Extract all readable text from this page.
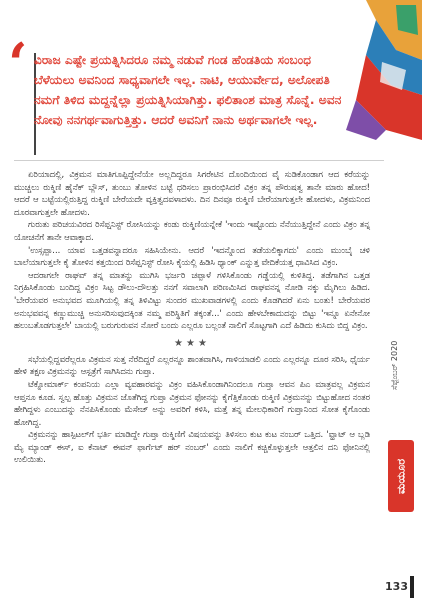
‘ ವಿರಾಜ ಎಷ್ಟೇ ಪ್ರಯತ್ನಿಸಿದರೂ ನಮ್ಮ ನಡುವೆ ಗಂಡ ಹೆಂಡತಿಯ ಸಂಬಂಧ ಬೆಳೆಯಲು ಅವನಿಂದ ಸಾಧ್ಯವಾಗಲೇ ಇಲ್ಲ. ನಾಟಿ, ಆಯುರ್ವೇದ, ಅಲೋಪತಿ ನಮಗೆ ತಿಳಿದ ಮದ್ದನ್ನೆಲ್ಲಾ ಪ್ರಯತ್ನಿಸಿಯಾಗಿತ್ತು. ಫಲಿತಾಂಶ ಮಾತ್ರ ಸೊನ್ನೆ. ಅವನ ನೋವು ನನಗರ್ಥವಾಗುತ್ತಿತ್ತು. ಆದರೆ ಅವನಿಗೆ ನಾನು ಅರ್ಥವಾಗಲೇ ಇಲ್ಲ.

ಏರಿಯಾದಲ್ಲಿ, ವಿಕ್ರಮನ ಮಾತಿಗೂಪ್ಪಿದ್ದೇನೆಯೇ ಅಲ್ಲದಿದ್ದರೂ ಸಿಗರೇಟಿನ ದೊಂದಿಯಿಂದ ವೈ ಸುಡಿಕೊಂಡಾಗ ಆದ ಕರೆಯನ್ನು ಮುಚ್ಚಲು ರುಕ್ಮಿಣಿ ಹೈನೆಕ್ ಬ್ಲೌಸ್, ತುಂಬು ತೋಳಿನ ಬಟ್ಟೆ ಧರಿಸಲು ಪ್ರಾರಂಭಿಸಿದರೆ ವಿಕ್ರಂ ತನ್ನ ಪೌರುಷತ್ವ ತಾನೇ ಮಾರು ಹೋದ! ಆದರೆ ಆ ಬಟ್ಟೆಯಲ್ಲಿರುತ್ತಿದ್ದ ರುಕ್ಮಿಣಿ ಬೇರೆಯದೇ ವ್ಯಕ್ತಿತ್ವದವಳಾದಳು. ದಿನ ದಿನವೂ ರುಕ್ಮಿಣಿ ಬೇರೆಯಾಗುತ್ತಲೇ ಹೋದಳು, ವಿಕ್ರಮನಿಂದ ದೂರವಾಗುತ್ತಲೇ ಹೋದಳು.

ಗುರುತು ಪರಿಚಯವಿರದ ರಿಸೆಪ್ಷನಿಸ್ಟ್ ರೋಸಿಯನ್ನು ಕಂಡು ರುಕ್ಮಿಣಿಯನ್ನೇಕೆ 'ಇಂದು ಇಷ್ಟೊಂದು ನೆನೆಯುತ್ತಿದ್ದೇನೆ ಎಂದು ವಿಕ್ರಂ ತನ್ನ ಯೋಚನೆಗೆ ತಾನೇ ಆವಾಕ್ಕಾದ.

'ಉಸ್ಸಪ್ಪಾ... ಯಾವ ಒತ್ತಡವನ್ನಾದರೂ ಸಹಿಸಿಯೇನು. ಆದರೆ 'ಇದನ್ನೊಂದ ತಡೆಯಲಿಕ್ಕಾಗದು' ಎಂದು ಮುಂಬೈ ಚಳಿ ಬಾಲೆಯಾಗುತ್ತಲೇ ಕೈ ತೋಳಿನ ಕತ್ತಯಿಂದ ರಿಸೆಪ್ಷನಿಸ್ಟ್ ರೋಸಿ ಕೈಯಲ್ಲಿ ಹಿಡಿಸಿ ಥ್ಯಾಂಕ್ ಎನ್ನುತ್ತ ವೇದಿಕೆಯತ್ತ ಧಾವಿಸಿದ ವಿಕ್ರಂ.

ಆದರಾಗಲೇ ರಾಘವ್ ತನ್ನ ಮಾತನ್ನು ಮುಗಿಸಿ ಭರ್ಜರಿ ಚಪ್ಪಾಳೆ ಗಳಿಸಿಕೊಂಡು ಗಡ್ಡೆಯಲ್ಲಿ ಕುಳಿತಿದ್ದ. ತಡೆಗಾಗಿನ ಒತ್ತಡ ನಿಗ್ರಹಿಸಿಕೊಂಡು ಬಂದಿದ್ದ ವಿಕ್ರಂ ಸಿಟ್ಟ ಡೌಲು-ದೌಲತ್ತು ನನಗೆ ಸವಾಲಾಗಿ ಪರಿಣಮಿಸಿದ ರಾಘವನನ್ನ ನೋಡಿ ನಕ್ಕು ಮೈಗಿಲು ಹಿಡಿದ. 'ಬೇರೆಯವರ ಅನುಭವದ ಮೂಗಿಯಲ್ಲಿ ತನ್ನ ತಿಳಿವಿಟ್ಟು ಸುಂದರ ಮುಖವಾಡಗಳಲ್ಲಿ ಎಂದು ಕೊಡಗಿದರೆ ಏನು ಬಂತು! ಬೇರೆಯವರ ಅನುಭವವನ್ನ ಕಣ್ಣುಮುಚ್ಚಿ ಅನುಸರಿಸುವುದಕ್ಕಿಂತ ನಮ್ಮ ಪರಿಸ್ಥಿತಿಗೆ ತಕ್ಕಂತೆ...' ಎಂದು ಹೇಳಬೇಕಾದುದನ್ನು ಬಿಟ್ಟು 'ಇನ್ನೂ ಏನೇನೋ ಹಲುಬತೊಡಗುತ್ತಲೇ' ಬಾಯಲ್ಲಿ ಬರುಗುರುವನ ನೋರೆ ಬಂದು ಎಲ್ಲರೂ ಬಲ್ಲಂತೆ ನಾಲಿಗೆ ಸೊಟ್ಟಗಾಗಿ ಎದೆ ಹಿಡಿದು ಕುಸಿದು ಬಿದ್ದ ವಿಕ್ರಂ.

★★★

ಸಭೆಯಲ್ಲಿದ್ದವರೆಲ್ಲರೂ ವಿಕ್ರಮನ ಸುತ್ತ ನೆರೆದಿದ್ದರೆ ಎಲ್ಲರನ್ನೂ ಶಾಂತವಾಗಿಸಿ, ಗಾಳಿಯಾಡಲಿ ಎಂದು ಎಲ್ಲರನ್ನೂ ದೂರ ಸರಿಸಿ, ಧೈರ್ಯ ಹೇಳಿ ತಕ್ಷಣ ವಿಕ್ರಮನನ್ನು ಆಸ್ಪತ್ರೆಗೆ ಸಾಗಿಸಿದನು ಗುಪ್ತಾ.

ಟೆಕ್ನೋಮಾರ್ಕ್ ಕಂಪನಿಯ ಎಲ್ಲಾ ವ್ಯವಹಾರವನ್ನು ವಿಕ್ರಂ ವಹಿಸಿಕೊಂಡಾಗಿನಿಂದಲೂ ಗುಪ್ತಾ ಆವನ ಪಿಎ ಮಾತ್ರವಲ್ಲ ವಿಕ್ರಮನ ಆಪ್ತನೂ ಕೂಡ. ಸ್ವಲ್ಪ ಹೊತ್ತು ವಿಕ್ರಮನ ಜೊತೆಗಿದ್ದ ಗುಪ್ತಾ ವಿಕ್ರಮನ ಫೋನನ್ನು ಕೈಗೆತ್ತಿಕೊಂಡು ರುಕ್ಮಿಣಿ ವಿಕ್ರಮನನ್ನು ಬಿಟ್ಟುಹೋದ ನಂತರ ಹೇಗಿದ್ದಳು ಎಂಬುದನ್ನು ನೆನಪಿಸಿಕೊಂಡು ಮೆಸೇಜ್ ಅನ್ನು ಅವರಿಗೆ ಕಳಿಸಿ, ಮತ್ತೆ ತನ್ನ ಮೇಲಧಿಕಾರಿಗೆ ಗುಪ್ತಾನಿಂದ ಸೋತ ಕೈಗೊಂಡು ಹೋಗಿದ್ದ.

ವಿಕ್ರಮನನ್ನು ಹಾಸ್ಪಿಟಲ್‌ಗೆ ಭರ್ತಿ ಮಾಡಿದ್ದೇ ಗುಪ್ತಾ ರುಕ್ಮಿಣಿಗೆ ವಿಷಯವನ್ನು ತಿಳಿಸಲು ಕುಟ ಕುಟ ನಂಬರ್ ಒತ್ತಿದ. 'ವ್ಹಾಟ್ ಆ ಬ್ಲಡಿ ಮ್ಯೆ ಮ್ಯಾಂಡ್ ಈಸ್, ಐ ಕೆನಾಟ್ ಈವನ್ ಫಾರ್ಗೆಟ್ ಹರ್ ನಂಬರ್' ಎಂದು ನಾಲಿಗೆ ಕಚ್ಚಿಕೊಳ್ಳುತ್ತಲೇ ಆತ್ತಲಿನ ದನಿ ಫೋನಿನಲ್ಲಿ ಉಲಿಯಿತು.

ಸೆಪ್ಟೆಂಬರ್ 2020
ಮಯೂರ
133
